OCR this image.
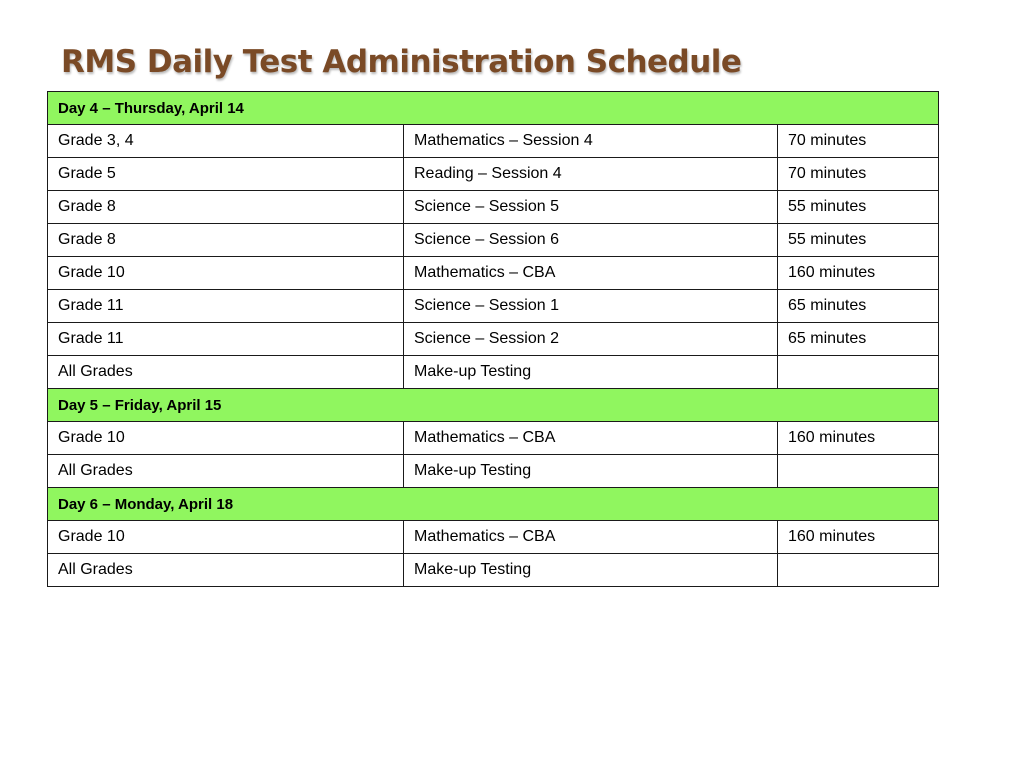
RMS Daily Test Administration Schedule
Day 4 – Thursday, April 14		
Grade 3, 4	Mathematics – Session 4	70 minutes
Grade 5	Reading – Session 4	70 minutes
Grade 8	Science – Session 5	55 minutes
Grade 8	Science – Session 6	55 minutes
Grade 10	Mathematics – CBA	160 minutes
Grade 11	Science – Session 1	65 minutes
Grade 11	Science – Session 2	65 minutes
All Grades	Make-up Testing	
Day 5 – Friday, April 15		
Grade 10	Mathematics – CBA	160 minutes
All Grades	Make-up Testing	
Day 6 – Monday, April 18		
Grade 10	Mathematics – CBA	160 minutes
All Grades	Make-up Testing	
